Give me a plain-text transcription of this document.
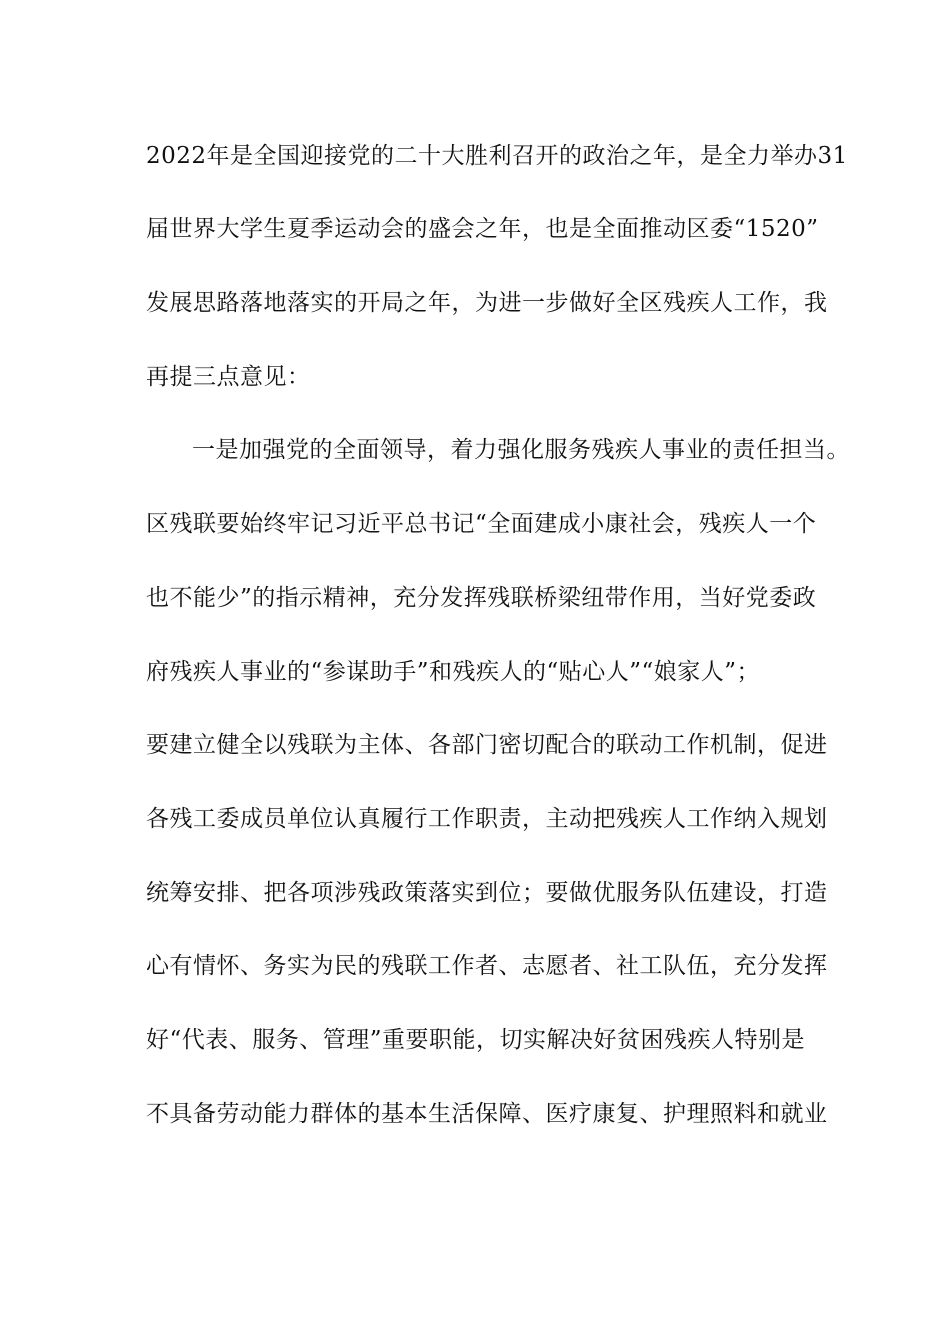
2022年是全国迎接党的二十大胜利召开的政治之年，是全力举办31
届世界大学生夏季运动会的盛会之年，也是全面推动区委“1520”
发展思路落地落实的开局之年，为进一步做好全区残疾人工作，我
再提三点意见：
一是加强党的全面领导，着力强化服务残疾人事业的责任担当。
区残联要始终牢记习近平总书记“全面建成小康社会，残疾人一个
也不能少”的指示精神，充分发挥残联桥梁纽带作用，当好党委政
府残疾人事业的“参谋助手”和残疾人的“贴心人”“娘家人”；
要建立健全以残联为主体、各部门密切配合的联动工作机制，促进
各残工委成员单位认真履行工作职责，主动把残疾人工作纳入规划
统筹安排、把各项涉残政策落实到位；要做优服务队伍建设，打造
心有情怀、务实为民的残联工作者、志愿者、社工队伍，充分发挥
好“代表、服务、管理”重要职能，切实解决好贫困残疾人特别是
不具备劳动能力群体的基本生活保障、医疗康复、护理照料和就业
